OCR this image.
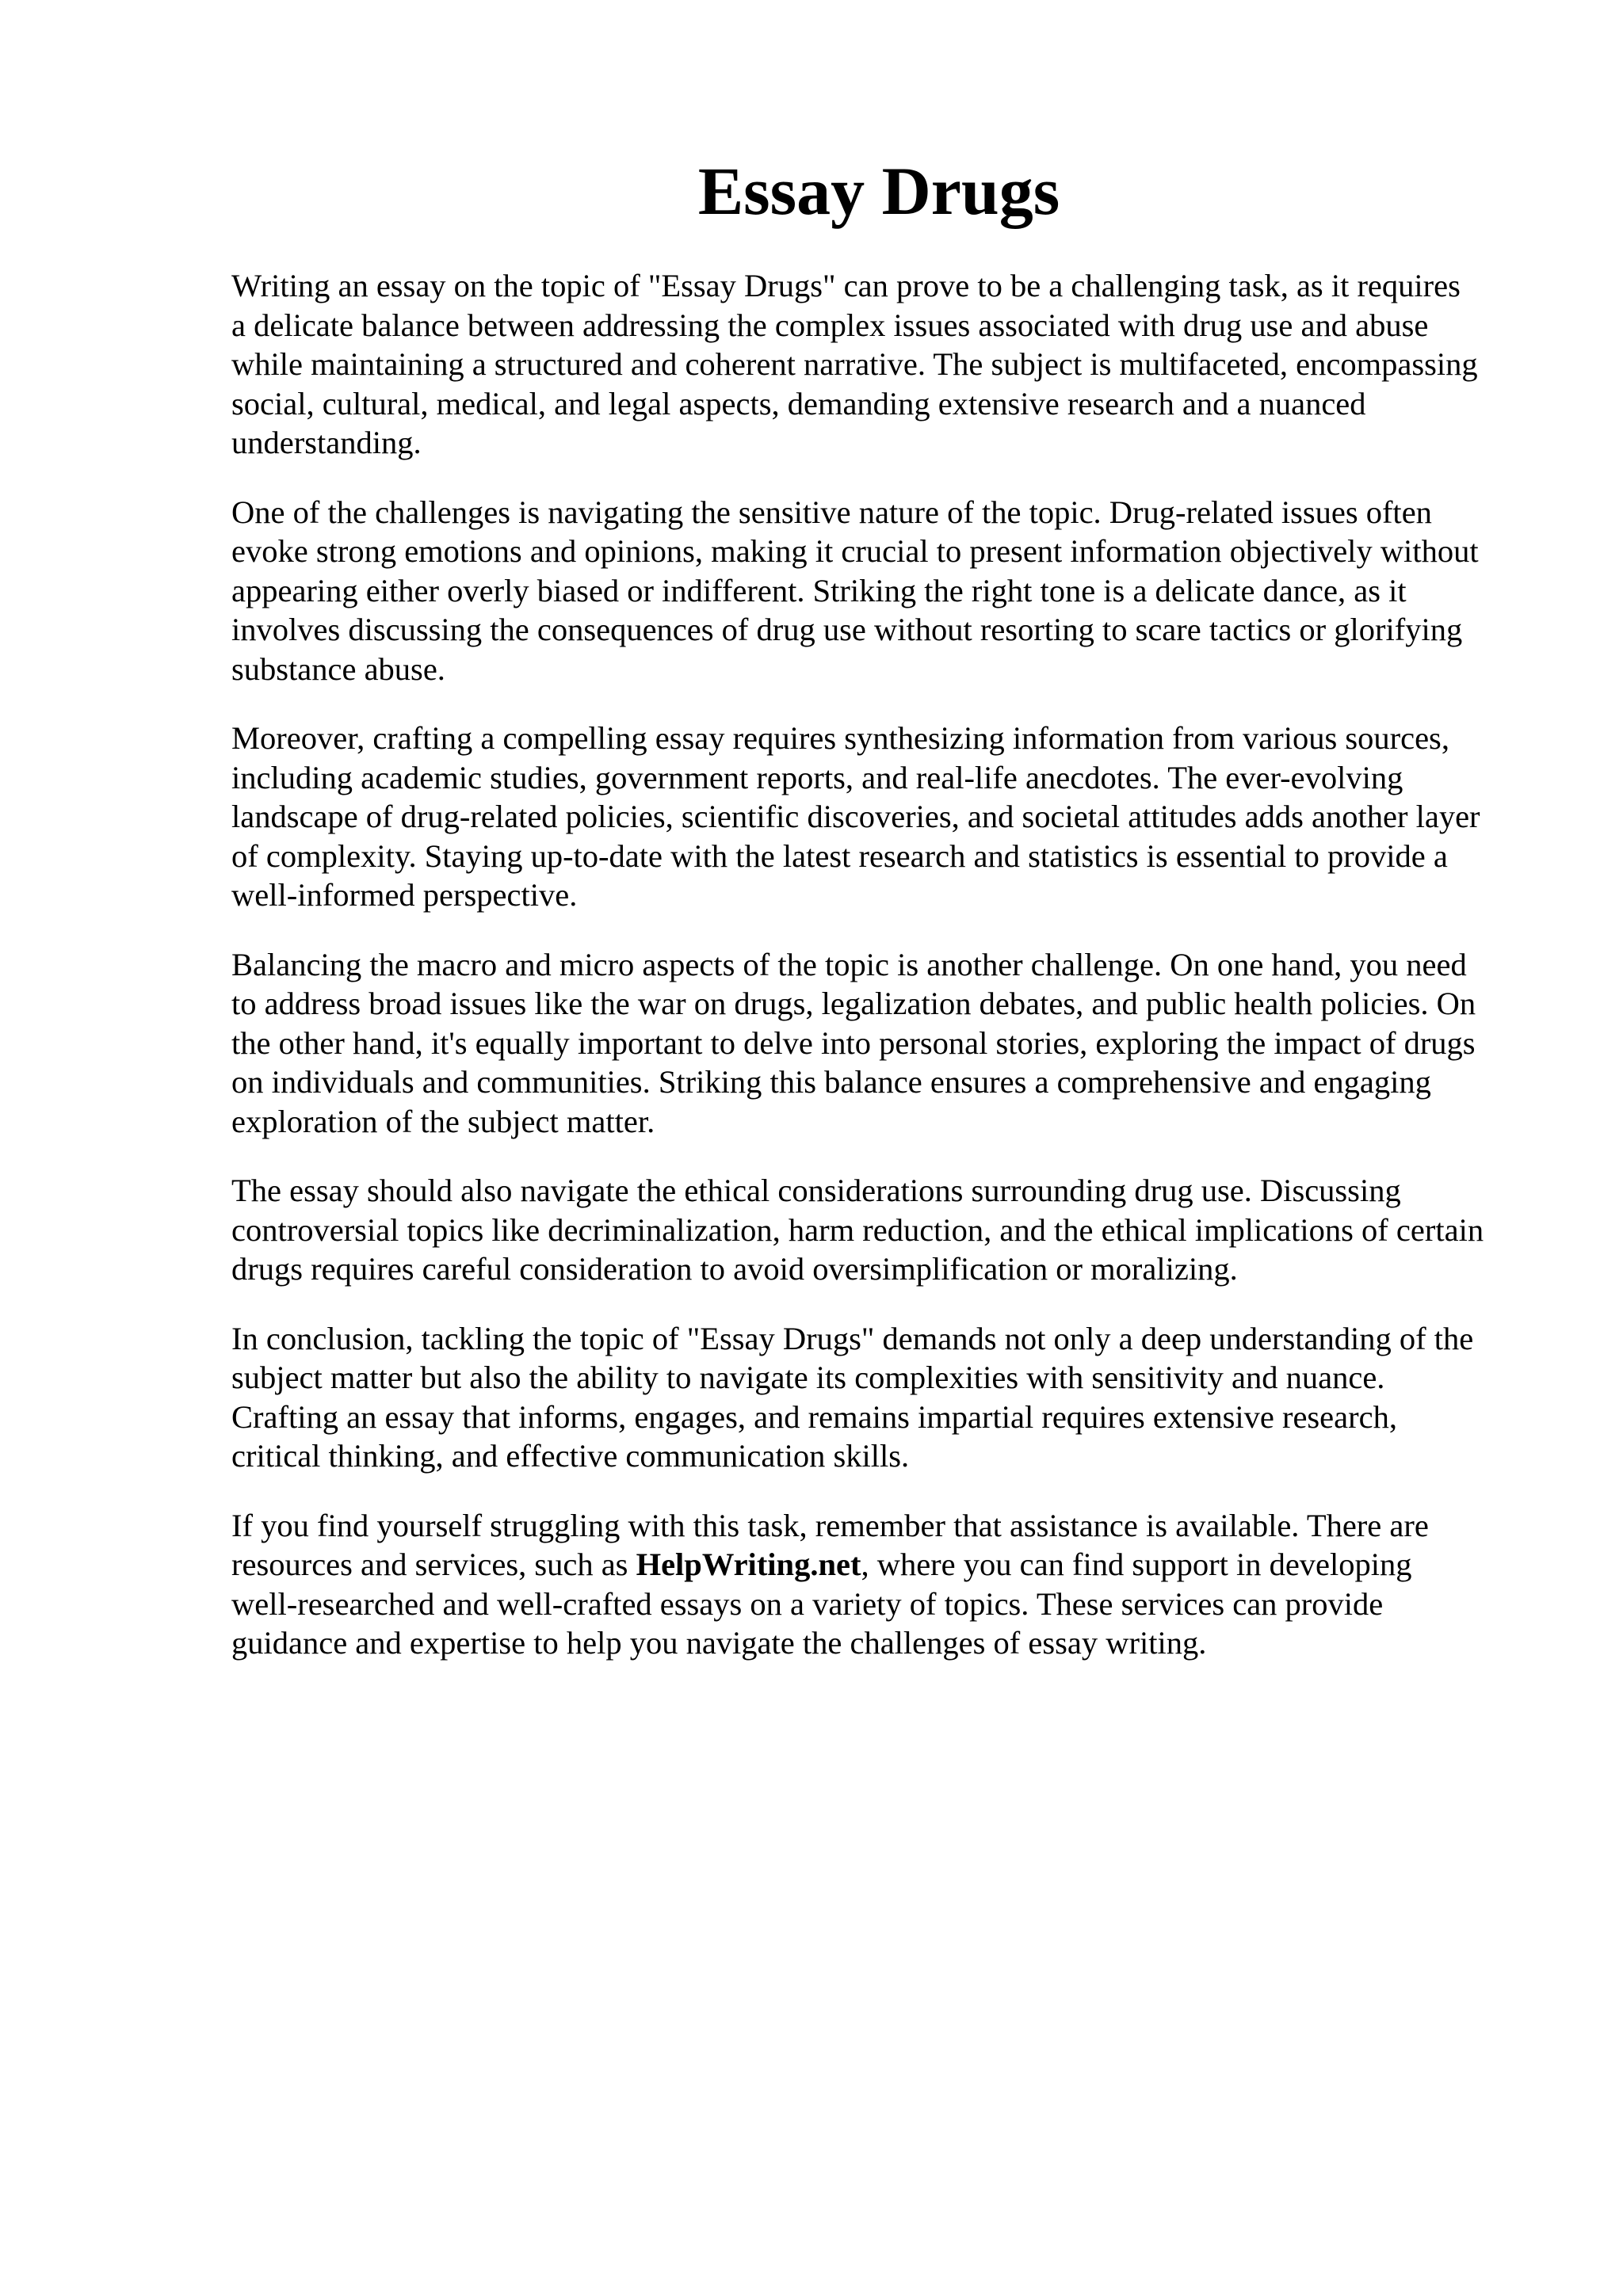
Essay Drugs

Writing an essay on the topic of "Essay Drugs" can prove to be a challenging task, as it requires
a delicate balance between addressing the complex issues associated with drug use and abuse
while maintaining a structured and coherent narrative. The subject is multifaceted, encompassing
social, cultural, medical, and legal aspects, demanding extensive research and a nuanced
understanding.

One of the challenges is navigating the sensitive nature of the topic. Drug-related issues often
evoke strong emotions and opinions, making it crucial to present information objectively without
appearing either overly biased or indifferent. Striking the right tone is a delicate dance, as it
involves discussing the consequences of drug use without resorting to scare tactics or glorifying
substance abuse.

Moreover, crafting a compelling essay requires synthesizing information from various sources,
including academic studies, government reports, and real-life anecdotes. The ever-evolving
landscape of drug-related policies, scientific discoveries, and societal attitudes adds another layer
of complexity. Staying up-to-date with the latest research and statistics is essential to provide a
well-informed perspective.

Balancing the macro and micro aspects of the topic is another challenge. On one hand, you need
to address broad issues like the war on drugs, legalization debates, and public health policies. On
the other hand, it's equally important to delve into personal stories, exploring the impact of drugs
on individuals and communities. Striking this balance ensures a comprehensive and engaging
exploration of the subject matter.

The essay should also navigate the ethical considerations surrounding drug use. Discussing
controversial topics like decriminalization, harm reduction, and the ethical implications of certain
drugs requires careful consideration to avoid oversimplification or moralizing.

In conclusion, tackling the topic of "Essay Drugs" demands not only a deep understanding of the
subject matter but also the ability to navigate its complexities with sensitivity and nuance.
Crafting an essay that informs, engages, and remains impartial requires extensive research,
critical thinking, and effective communication skills.

If you find yourself struggling with this task, remember that assistance is available. There are
resources and services, such as HelpWriting.net, where you can find support in developing
well-researched and well-crafted essays on a variety of topics. These services can provide
guidance and expertise to help you navigate the challenges of essay writing.
